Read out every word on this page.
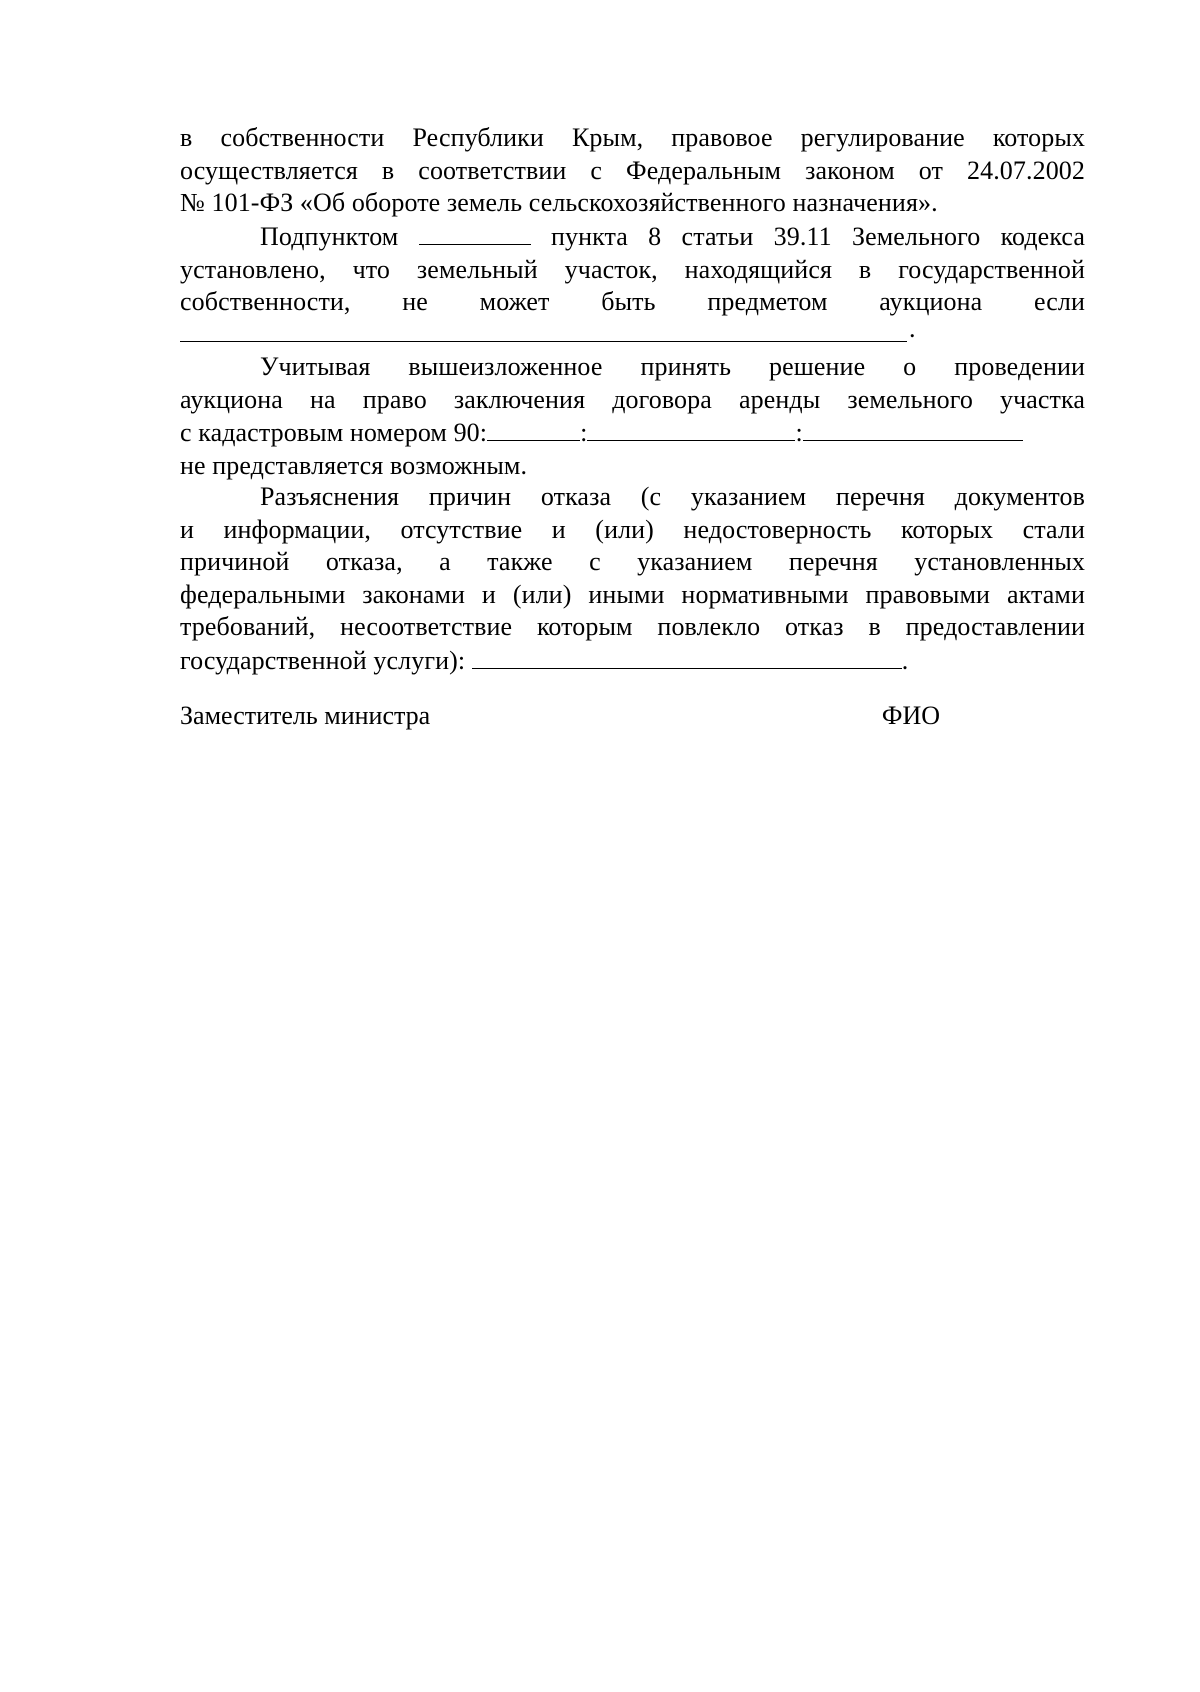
в собственности Республики Крым, правовое регулирование которых

осуществляется в соответствии с Федеральным законом от 24.07.2002

№ 101-ФЗ «Об обороте земель сельскохозяйственного назначения».

Подпунктом	пункта 8 статьи 39.11 Земельного кодекса

установлено, что земельный участок, находящийся в государственной

собственности, не может быть предметом аукциона если

.

Учитывая вышеизложенное принять решение о проведении

аукциона на право заключения договора аренды земельного участка

с кадастровым номером 90:	:	:

не представляется возможным.

Разъяснения причин отказа (с указанием перечня документов

и информации, отсутствие и (или) недостоверность которых стали

причиной отказа, а также с указанием перечня установленных

федеральными законами и (или) иными нормативными правовыми актами

требований, несоответствие которым повлекло отказ в предоставлении

государственной услуги):	.

Заместитель министра	ФИО
